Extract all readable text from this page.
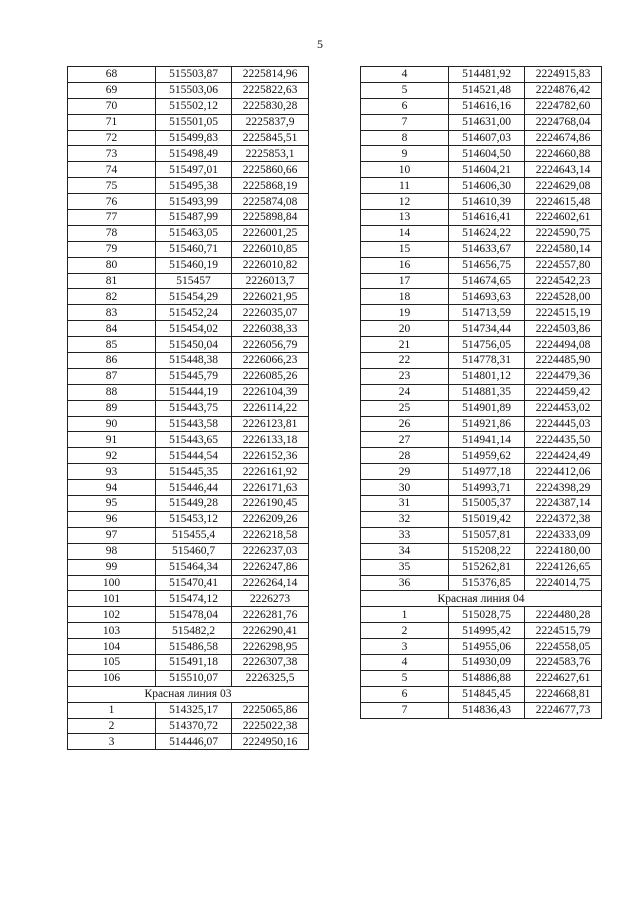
5
68	515503,87	2225814,96
69	515503,06	2225822,63
70	515502,12	2225830,28
71	515501,05	2225837,9
72	515499,83	2225845,51
73	515498,49	2225853,1
74	515497,01	2225860,66
75	515495,38	2225868,19
76	515493,99	2225874,08
77	515487,99	2225898,84
78	515463,05	2226001,25
79	515460,71	2226010,85
80	515460,19	2226010,82
81	515457	2226013,7
82	515454,29	2226021,95
83	515452,24	2226035,07
84	515454,02	2226038,33
85	515450,04	2226056,79
86	515448,38	2226066,23
87	515445,79	2226085,26
88	515444,19	2226104,39
89	515443,75	2226114,22
90	515443,58	2226123,81
91	515443,65	2226133,18
92	515444,54	2226152,36
93	515445,35	2226161,92
94	515446,44	2226171,63
95	515449,28	2226190,45
96	515453,12	2226209,26
97	515455,4	2226218,58
98	515460,7	2226237,03
99	515464,34	2226247,86
100	515470,41	2226264,14
101	515474,12	2226273
102	515478,04	2226281,76
103	515482,2	2226290,41
104	515486,58	2226298,95
105	515491,18	2226307,38
106	515510,07	2226325,5
Красная линия 03		
1	514325,17	2225065,86
2	514370,72	2225022,38
3	514446,07	2224950,16
4	514481,92	2224915,83
5	514521,48	2224876,42
6	514616,16	2224782,60
7	514631,00	2224768,04
8	514607,03	2224674,86
9	514604,50	2224660,88
10	514604,21	2224643,14
11	514606,30	2224629,08
12	514610,39	2224615,48
13	514616,41	2224602,61
14	514624,22	2224590,75
15	514633,67	2224580,14
16	514656,75	2224557,80
17	514674,65	2224542,23
18	514693,63	2224528,00
19	514713,59	2224515,19
20	514734,44	2224503,86
21	514756,05	2224494,08
22	514778,31	2224485,90
23	514801,12	2224479,36
24	514881,35	2224459,42
25	514901,89	2224453,02
26	514921,86	2224445,03
27	514941,14	2224435,50
28	514959,62	2224424,49
29	514977,18	2224412,06
30	514993,71	2224398,29
31	515005,37	2224387,14
32	515019,42	2224372,38
33	515057,81	2224333,09
34	515208,22	2224180,00
35	515262,81	2224126,65
36	515376,85	2224014,75
Красная линия 04		
1	515028,75	2224480,28
2	514995,42	2224515,79
3	514955,06	2224558,05
4	514930,09	2224583,76
5	514886,88	2224627,61
6	514845,45	2224668,81
7	514836,43	2224677,73
